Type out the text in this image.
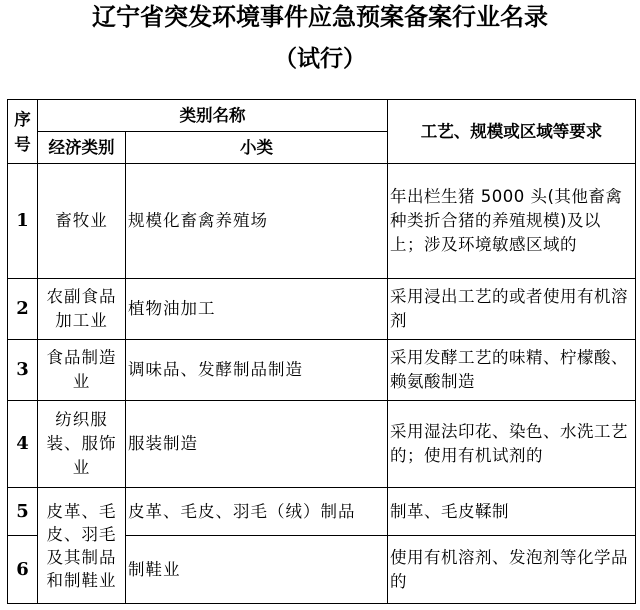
辽宁省突发环境事件应急预案备案行业名录
（试行）
序号	类别名称		工艺、规模或区域等要求
	经济类别	小类	
1	畜牧业	规模化畜禽养殖场	年出栏生猪 5000 头(其他畜禽种类折合猪的养殖规模)及以上；涉及环境敏感区域的
2	农副食品加工业	植物油加工	采用浸出工艺的或者使用有机溶剂
3	食品制造业	调味品、发酵制品制造	采用发酵工艺的味精、柠檬酸、赖氨酸制造
4	纺织服装、服饰业	服装制造	采用湿法印花、染色、水洗工艺的；使用有机试剂的
5	皮革、毛皮、羽毛及其制品和制鞋业	皮革、毛皮、羽毛（绒）制品	制革、毛皮鞣制
6		制鞋业	使用有机溶剂、发泡剂等化学品的
